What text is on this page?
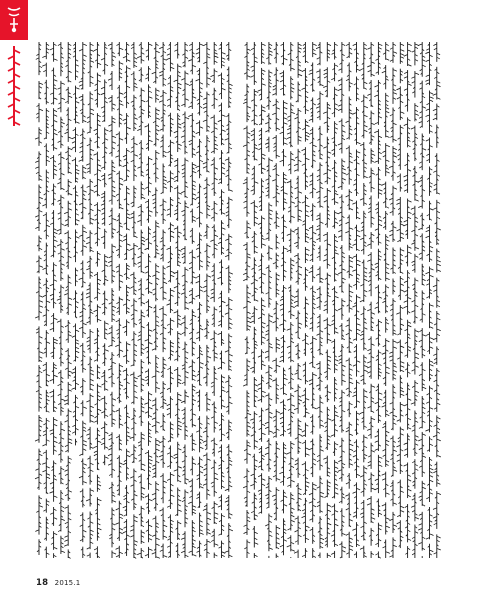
18 2015.1
